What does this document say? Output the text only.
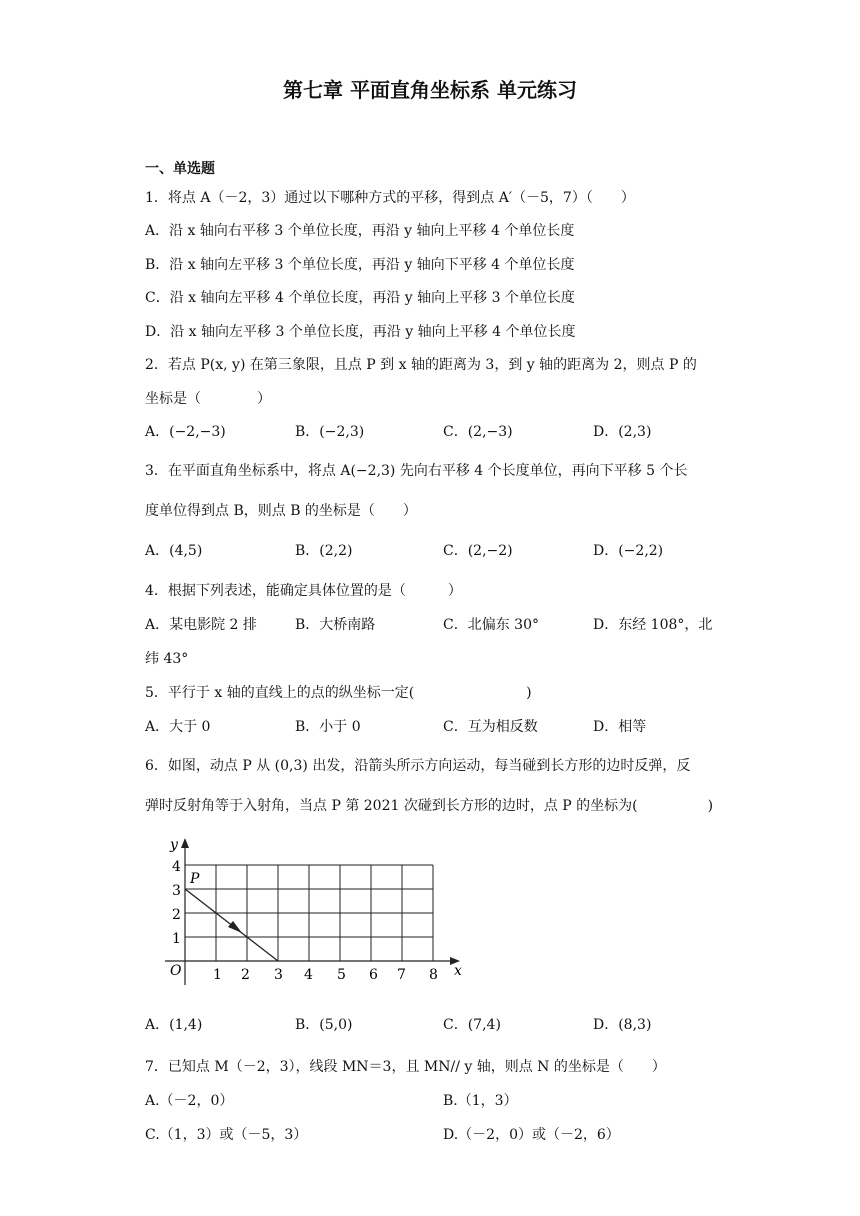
第七章 平面直角坐标系 单元练习
一、单选题
1．将点 A（－2，3）通过以下哪种方式的平移，得到点 A′（－5，7）（　　）
A．沿 x 轴向右平移 3 个单位长度，再沿 y 轴向上平移 4 个单位长度
B．沿 x 轴向左平移 3 个单位长度，再沿 y 轴向下平移 4 个单位长度
C．沿 x 轴向左平移 4 个单位长度，再沿 y 轴向上平移 3 个单位长度
D．沿 x 轴向左平移 3 个单位长度，再沿 y 轴向上平移 4 个单位长度
2．若点 P(x, y) 在第三象限，且点 P 到 x 轴的距离为 3，到 y 轴的距离为 2，则点 P 的
坐标是（　　　　）
A．(−2,−3)	B．(−2,3)	C．(2,−3)	D．(2,3)
3．在平面直角坐标系中，将点 A(−2,3) 先向右平移 4 个长度单位，再向下平移 5 个长
度单位得到点 B，则点 B 的坐标是（　　）
A．(4,5)	B．(2,2)	C．(2,−2)	D．(−2,2)
4．根据下列表述，能确定具体位置的是（　　　）
A．某电影院 2 排	B．大桥南路	C．北偏东 30°	D．东经 108°，北
纬 43°
5．平行于 x 轴的直线上的点的纵坐标一定(　　　　　　　　)
A．大于 0	B．小于 0	C．互为相反数	D．相等
6．如图，动点 P 从 (0,3) 出发，沿箭头所示方向运动，每当碰到长方形的边时反弹，反
弹时反射角等于入射角，当点 P 第 2021 次碰到长方形的边时，点 P 的坐标为(　　　　　)
y
x
O
P
1 2 3 4 5 6 7 8
1
2
3
4
A．(1,4)	B．(5,0)	C．(7,4)	D．(8,3)
7．已知点 M（－2，3），线段 MN＝3，且 MN// y 轴，则点 N 的坐标是（　　）
A.（－2，0）	B.（1，3）
C.（1，3）或（－5，3）	D.（－2，0）或（－2，6）
